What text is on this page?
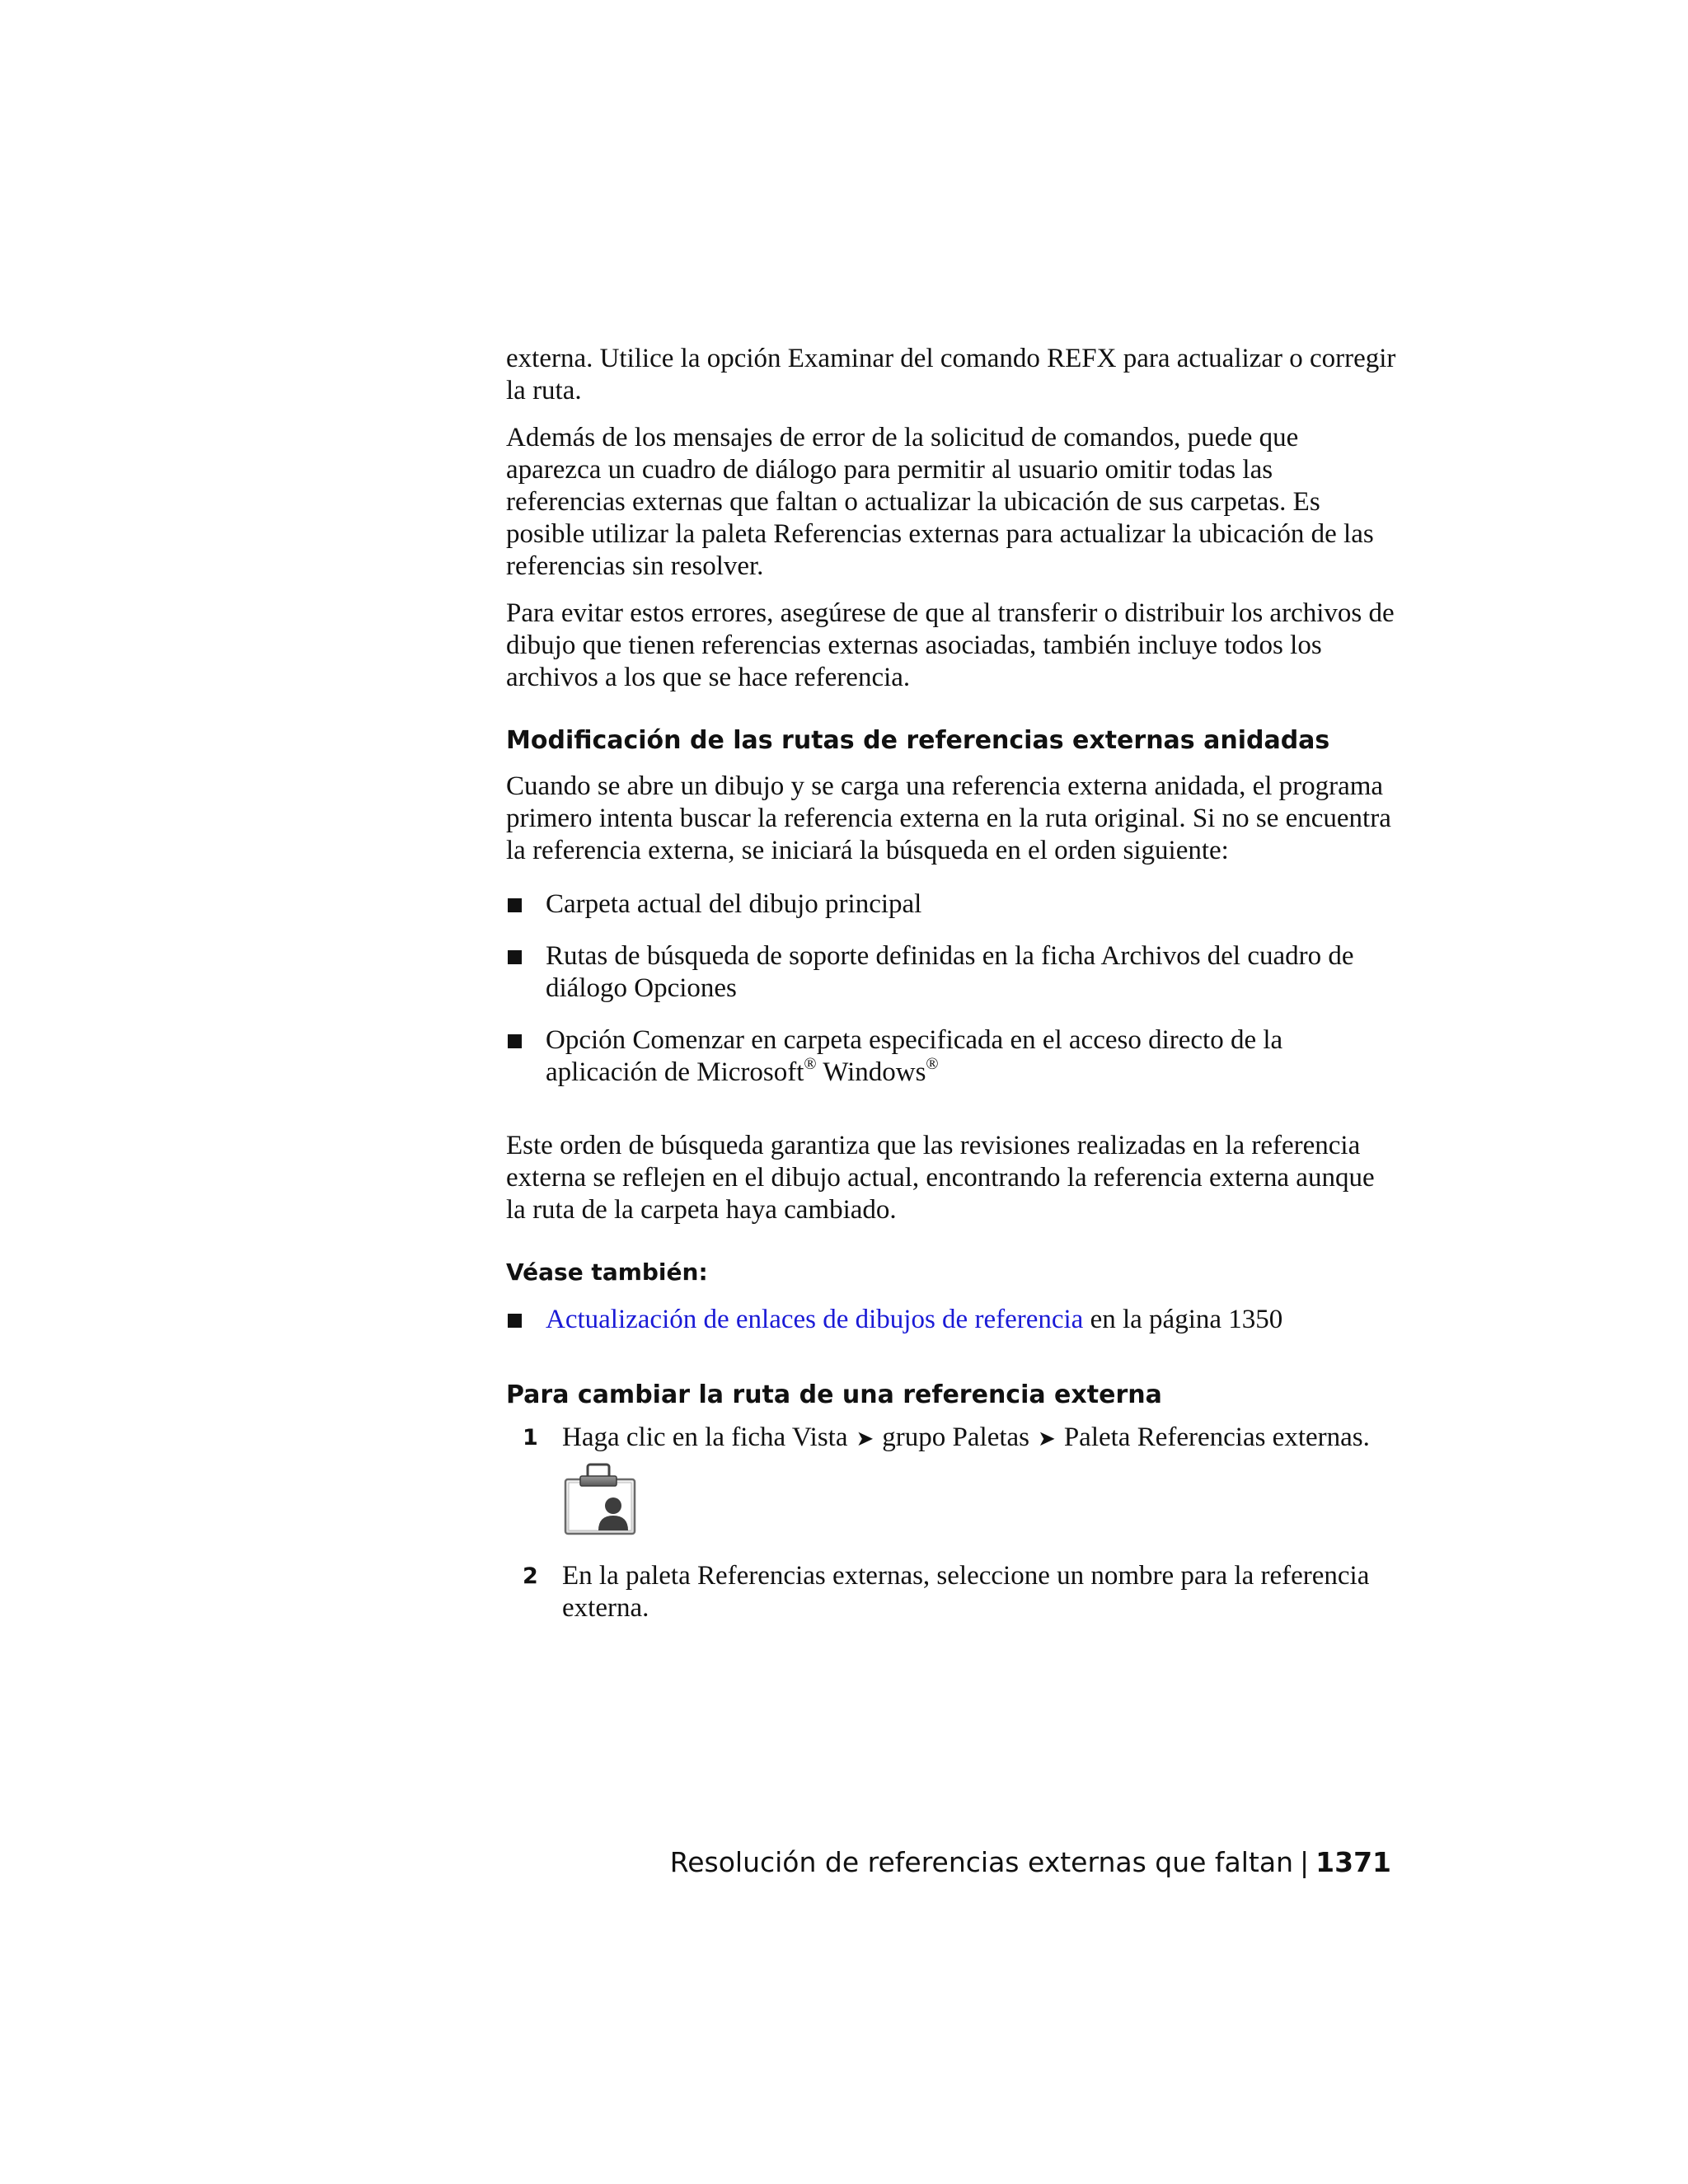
externa. Utilice la opción Examinar del comando REFX para actualizar o corregir la ruta.

Además de los mensajes de error de la solicitud de comandos, puede que aparezca un cuadro de diálogo para permitir al usuario omitir todas las referencias externas que faltan o actualizar la ubicación de sus carpetas. Es posible utilizar la paleta Referencias externas para actualizar la ubicación de las referencias sin resolver.

Para evitar estos errores, asegúrese de que al transferir o distribuir los archivos de dibujo que tienen referencias externas asociadas, también incluye todos los archivos a los que se hace referencia.

Modificación de las rutas de referencias externas anidadas

Cuando se abre un dibujo y se carga una referencia externa anidada, el programa primero intenta buscar la referencia externa en la ruta original. Si no se encuentra la referencia externa, se iniciará la búsqueda en el orden siguiente:

Carpeta actual del dibujo principal
Rutas de búsqueda de soporte definidas en la ficha Archivos del cuadro de diálogo Opciones
Opción Comenzar en carpeta especificada en el acceso directo de la aplicación de Microsoft® Windows®

Este orden de búsqueda garantiza que las revisiones realizadas en la referencia externa se reflejen en el dibujo actual, encontrando la referencia externa aunque la ruta de la carpeta haya cambiado.

Véase también:
Actualización de enlaces de dibujos de referencia en la página 1350
Para cambiar la ruta de una referencia externa
1 Haga clic en la ficha Vista ➤ grupo Paletas ➤ Paleta Referencias externas.
2 En la paleta Referencias externas, seleccione un nombre para la referencia externa.
Resolución de referencias externas que faltan | 1371
